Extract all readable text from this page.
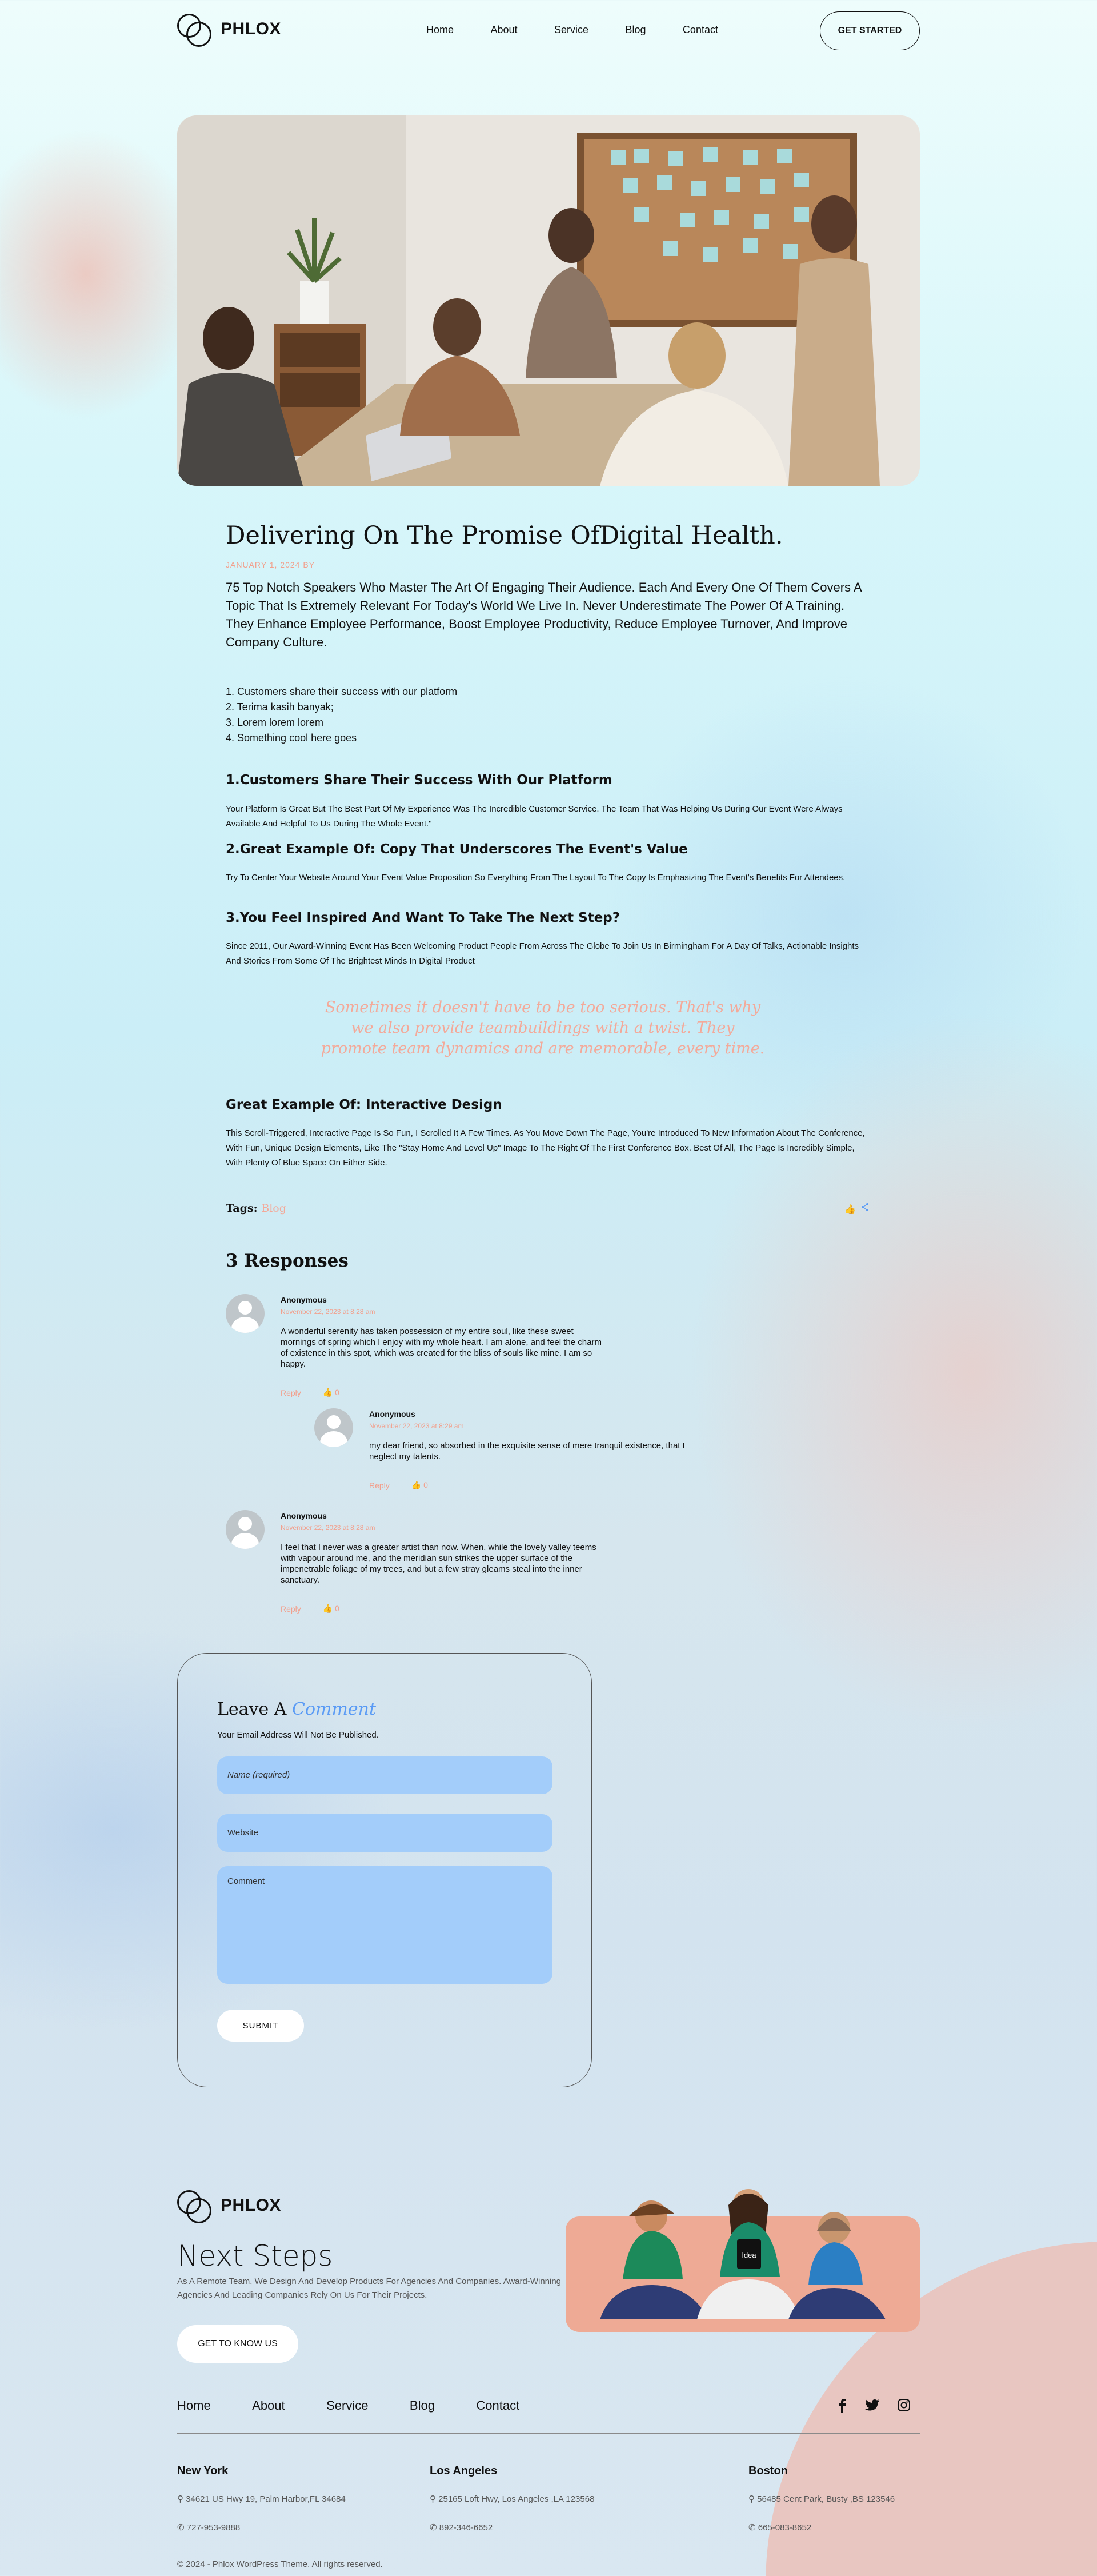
PHLOX	Home	About	Service	Blog	Contact	GET STARTED
Delivering On The Promise OfDigital Health.
JANUARY 1, 2024 BY

75 Top Notch Speakers Who Master The Art Of Engaging Their Audience. Each And Every One Of Them Covers A Topic That Is Extremely Relevant For Today's World We Live In. Never Underestimate The Power Of A Training. They Enhance Employee Performance, Boost Employee Productivity, Reduce Employee Turnover, And Improve Company Culture.

1. Customers share their success with our platform
2. Terima kasih banyak;
3. Lorem lorem lorem
4. Something cool here goes
1.Customers Share Their Success With Our Platform

Your Platform Is Great But The Best Part Of My Experience Was The Incredible Customer Service. The Team That Was Helping Us During Our Event Were Always Available And Helpful To Us During The Whole Event."

2.Great Example Of: Copy That Underscores The Event's Value

Try To Center Your Website Around Your Event Value Proposition So Everything From The Layout To The Copy Is Emphasizing The Event's Benefits For Attendees.

3.You Feel Inspired And Want To Take The Next Step?

Since 2011, Our Award-Winning Event Has Been Welcoming Product People From Across The Globe To Join Us In Birmingham For A Day Of Talks, Actionable Insights And Stories From Some Of The Brightest Minds In Digital Product

Sometimes it doesn't have to be too serious. That's why we also provide teambuildings with a twist. They promote team dynamics and are memorable, every time.
Great Example Of: Interactive Design

This Scroll-Triggered, Interactive Page Is So Fun, I Scrolled It A Few Times. As You Move Down The Page, You're Introduced To New Information About The Conference, With Fun, Unique Design Elements, Like The "Stay Home And Level Up" Image To The Right Of The First Conference Box. Best Of All, The Page Is Incredibly Simple, With Plenty Of Blue Space On Either Side.

Tags: Blog	👍
3 Responses
Anonymous
November 22, 2023 at 8:28 am
A wonderful serenity has taken possession of my entire soul, like these sweet mornings of spring which I enjoy with my whole heart. I am alone, and feel the charm of existence in this spot, which was created for the bliss of souls like mine. I am so happy.
Reply	👍 0
Anonymous
November 22, 2023 at 8:29 am
my dear friend, so absorbed in the exquisite sense of mere tranquil existence, that I neglect my talents.
Reply	👍 0
Anonymous
November 22, 2023 at 8:28 am
I feel that I never was a greater artist than now. When, while the lovely valley teems with vapour around me, and the meridian sun strikes the upper surface of the impenetrable foliage of my trees, and but a few stray gleams steal into the inner sanctuary.
Reply	👍 0
Leave A Comment
Your Email Address Will Not Be Published.
Name (required)
Website
Comment
SUBMIT
PHLOX
Next Steps

As A Remote Team, We Design And Develop Products For Agencies And Companies. Award-Winning Agencies And Leading Companies Rely On Us For Their Projects.

GET TO KNOW US
Idea
Home	About	Service	Blog	Contact
New York
⚲ 34621 US Hwy 19, Palm Harbor,FL 34684
✆ 727-953-9888
Los Angeles
⚲ 25165 Loft Hwy, Los Angeles ,LA 123568
✆ 892-346-6652
Boston
⚲ 56485 Cent Park, Busty ,BS 123546
✆ 665-083-8652
© 2024 - Phlox WordPress Theme. All rights reserved.
